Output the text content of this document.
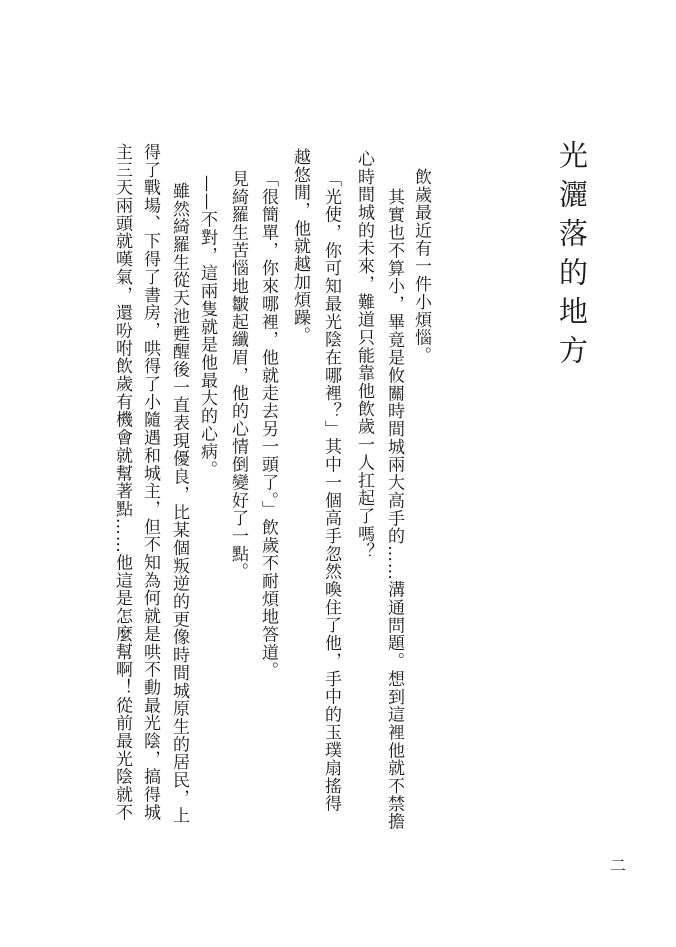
光灑落的地方
飲歲最近有一件小煩惱。
其實也不算小，畢竟是攸關時間城兩大高手的……溝通問題。想到這裡他就不禁擔
心時間城的未來，難道只能靠他飲歲一人扛起了嗎？
「光使，你可知最光陰在哪裡？」其中一個高手忽然喚住了他，手中的玉璞扇搖得
越悠閒，他就越加煩躁。
「很簡單，你來哪裡，他就走去另一頭了。」飲歲不耐煩地答道。
見綺羅生苦惱地皺起纖眉，他的心情倒變好了一點。
——不對，這兩隻就是他最大的心病。
雖然綺羅生從天池甦醒後一直表現優良，比某個叛逆的更像時間城原生的居民，上
得了戰場、下得了書房，哄得了小隨遇和城主，但不知為何就是哄不動最光陰，搞得城
主三天兩頭就嘆氣，還吩咐飲歲有機會就幫著點……他這是怎麼幫啊！從前最光陰就不
二
